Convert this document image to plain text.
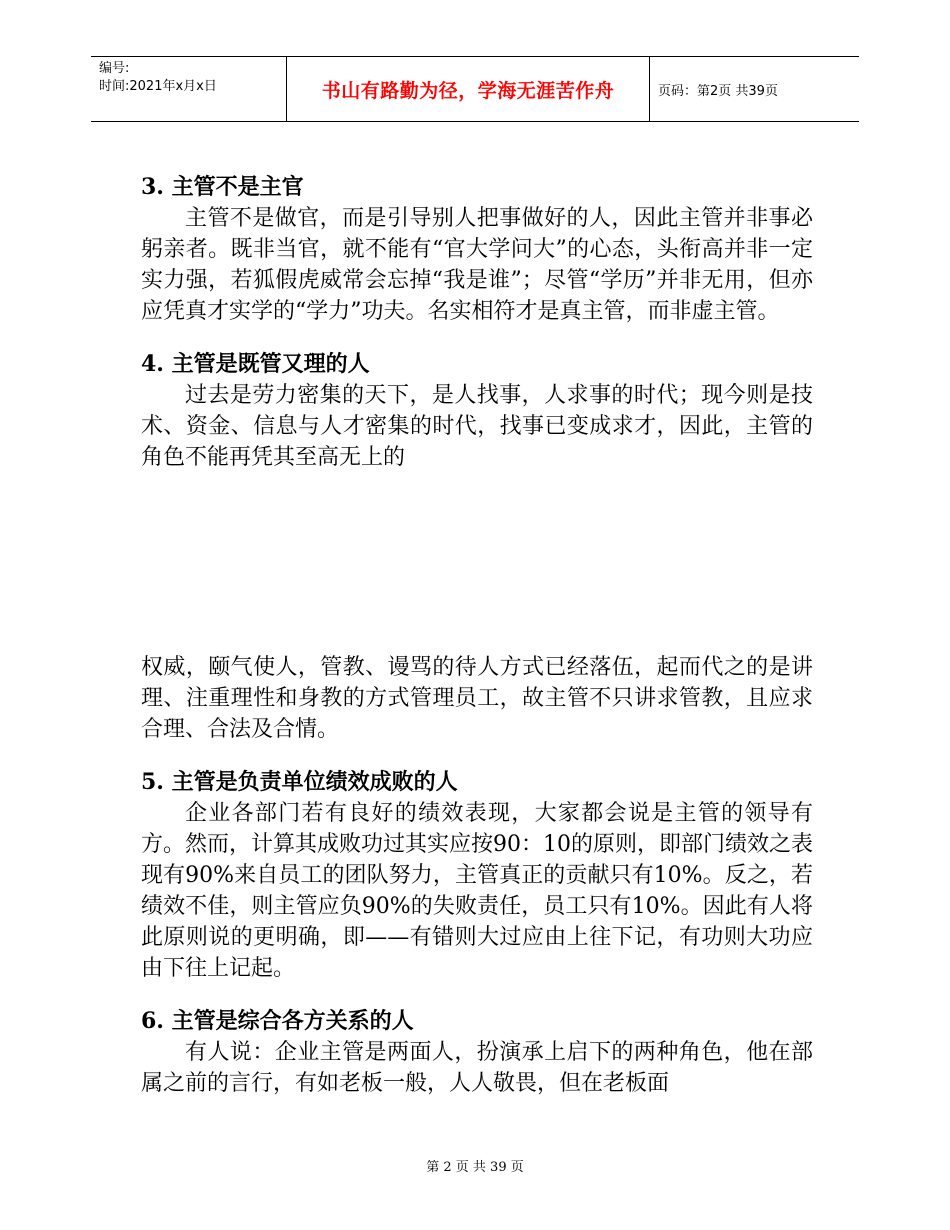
编号:
时间:2021年x月x日	书山有路勤为径，学海无涯苦作舟	页码：第2页 共39页

3. 主管不是主官

主管不是做官，而是引导别人把事做好的人，因此主管并非事必躬亲者。既非当官，就不能有“官大学问大”的心态，头衔高并非一定实力强，若狐假虎威常会忘掉“我是谁”；尽管“学历”并非无用，但亦应凭真才实学的“学力”功夫。名实相符才是真主管，而非虚主管。

4. 主管是既管又理的人

过去是劳力密集的天下，是人找事，人求事的时代；现今则是技术、资金、信息与人才密集的时代，找事已变成求才，因此，主管的角色不能再凭其至高无上的

权威，颐气使人，管教、谩骂的待人方式已经落伍，起而代之的是讲理、注重理性和身教的方式管理员工，故主管不只讲求管教，且应求合理、合法及合情。

5. 主管是负责单位绩效成败的人

企业各部门若有良好的绩效表现，大家都会说是主管的领导有方。然而，计算其成败功过其实应按90：10的原则，即部门绩效之表现有90%来自员工的团队努力，主管真正的贡献只有10%。反之，若绩效不佳，则主管应负90%的失败责任，员工只有10%。因此有人将此原则说的更明确，即——有错则大过应由上往下记，有功则大功应由下往上记起。

6. 主管是综合各方关系的人

有人说：企业主管是两面人，扮演承上启下的两种角色，他在部属之前的言行，有如老板一般，人人敬畏，但在老板面

第 2 页 共 39 页
